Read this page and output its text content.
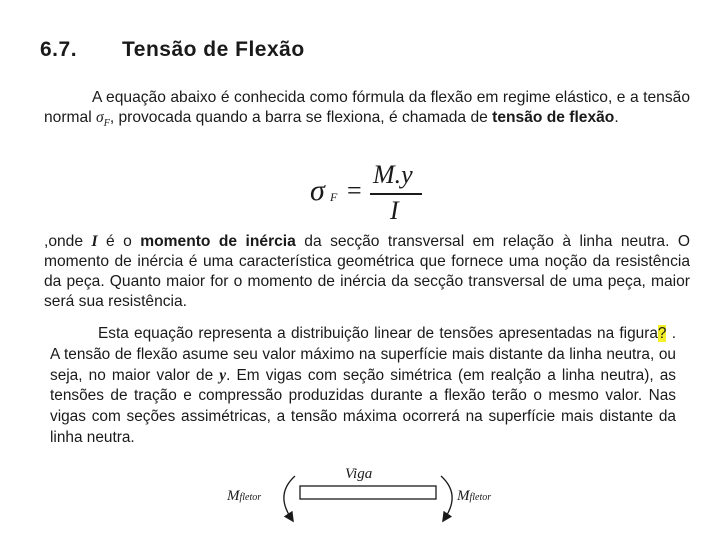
6.7. Tensão de Flexão
A equação abaixo é conhecida como fórmula da flexão em regime elástico, e a tensão normal $\sigma_F$, provocada quando a barra se flexiona, é chamada de tensão de flexão.
σ F =
M.y
I
,onde I é o momento de inércia da secção transversal em relação à linha neutra. O momento de inércia é uma característica geométrica que fornece uma noção da resistência da peça. Quanto maior for o momento de inércia da secção transversal de uma peça, maior será sua resistência.
Esta equação representa a distribuição linear de tensões apresentadas na figura? . A tensão de flexão asume seu valor máximo na superfície mais distante da linha neutra, ou seja, no maior valor de y. Em vigas com seção simétrica (em realção a linha neutra), as tensões de tração e compressão produzidas durante a flexão terão o mesmo valor. Nas vigas com seções assimétricas, a tensão máxima ocorrerá na superfície mais distante da linha neutra.
Viga
Mfletor	Mfletor
